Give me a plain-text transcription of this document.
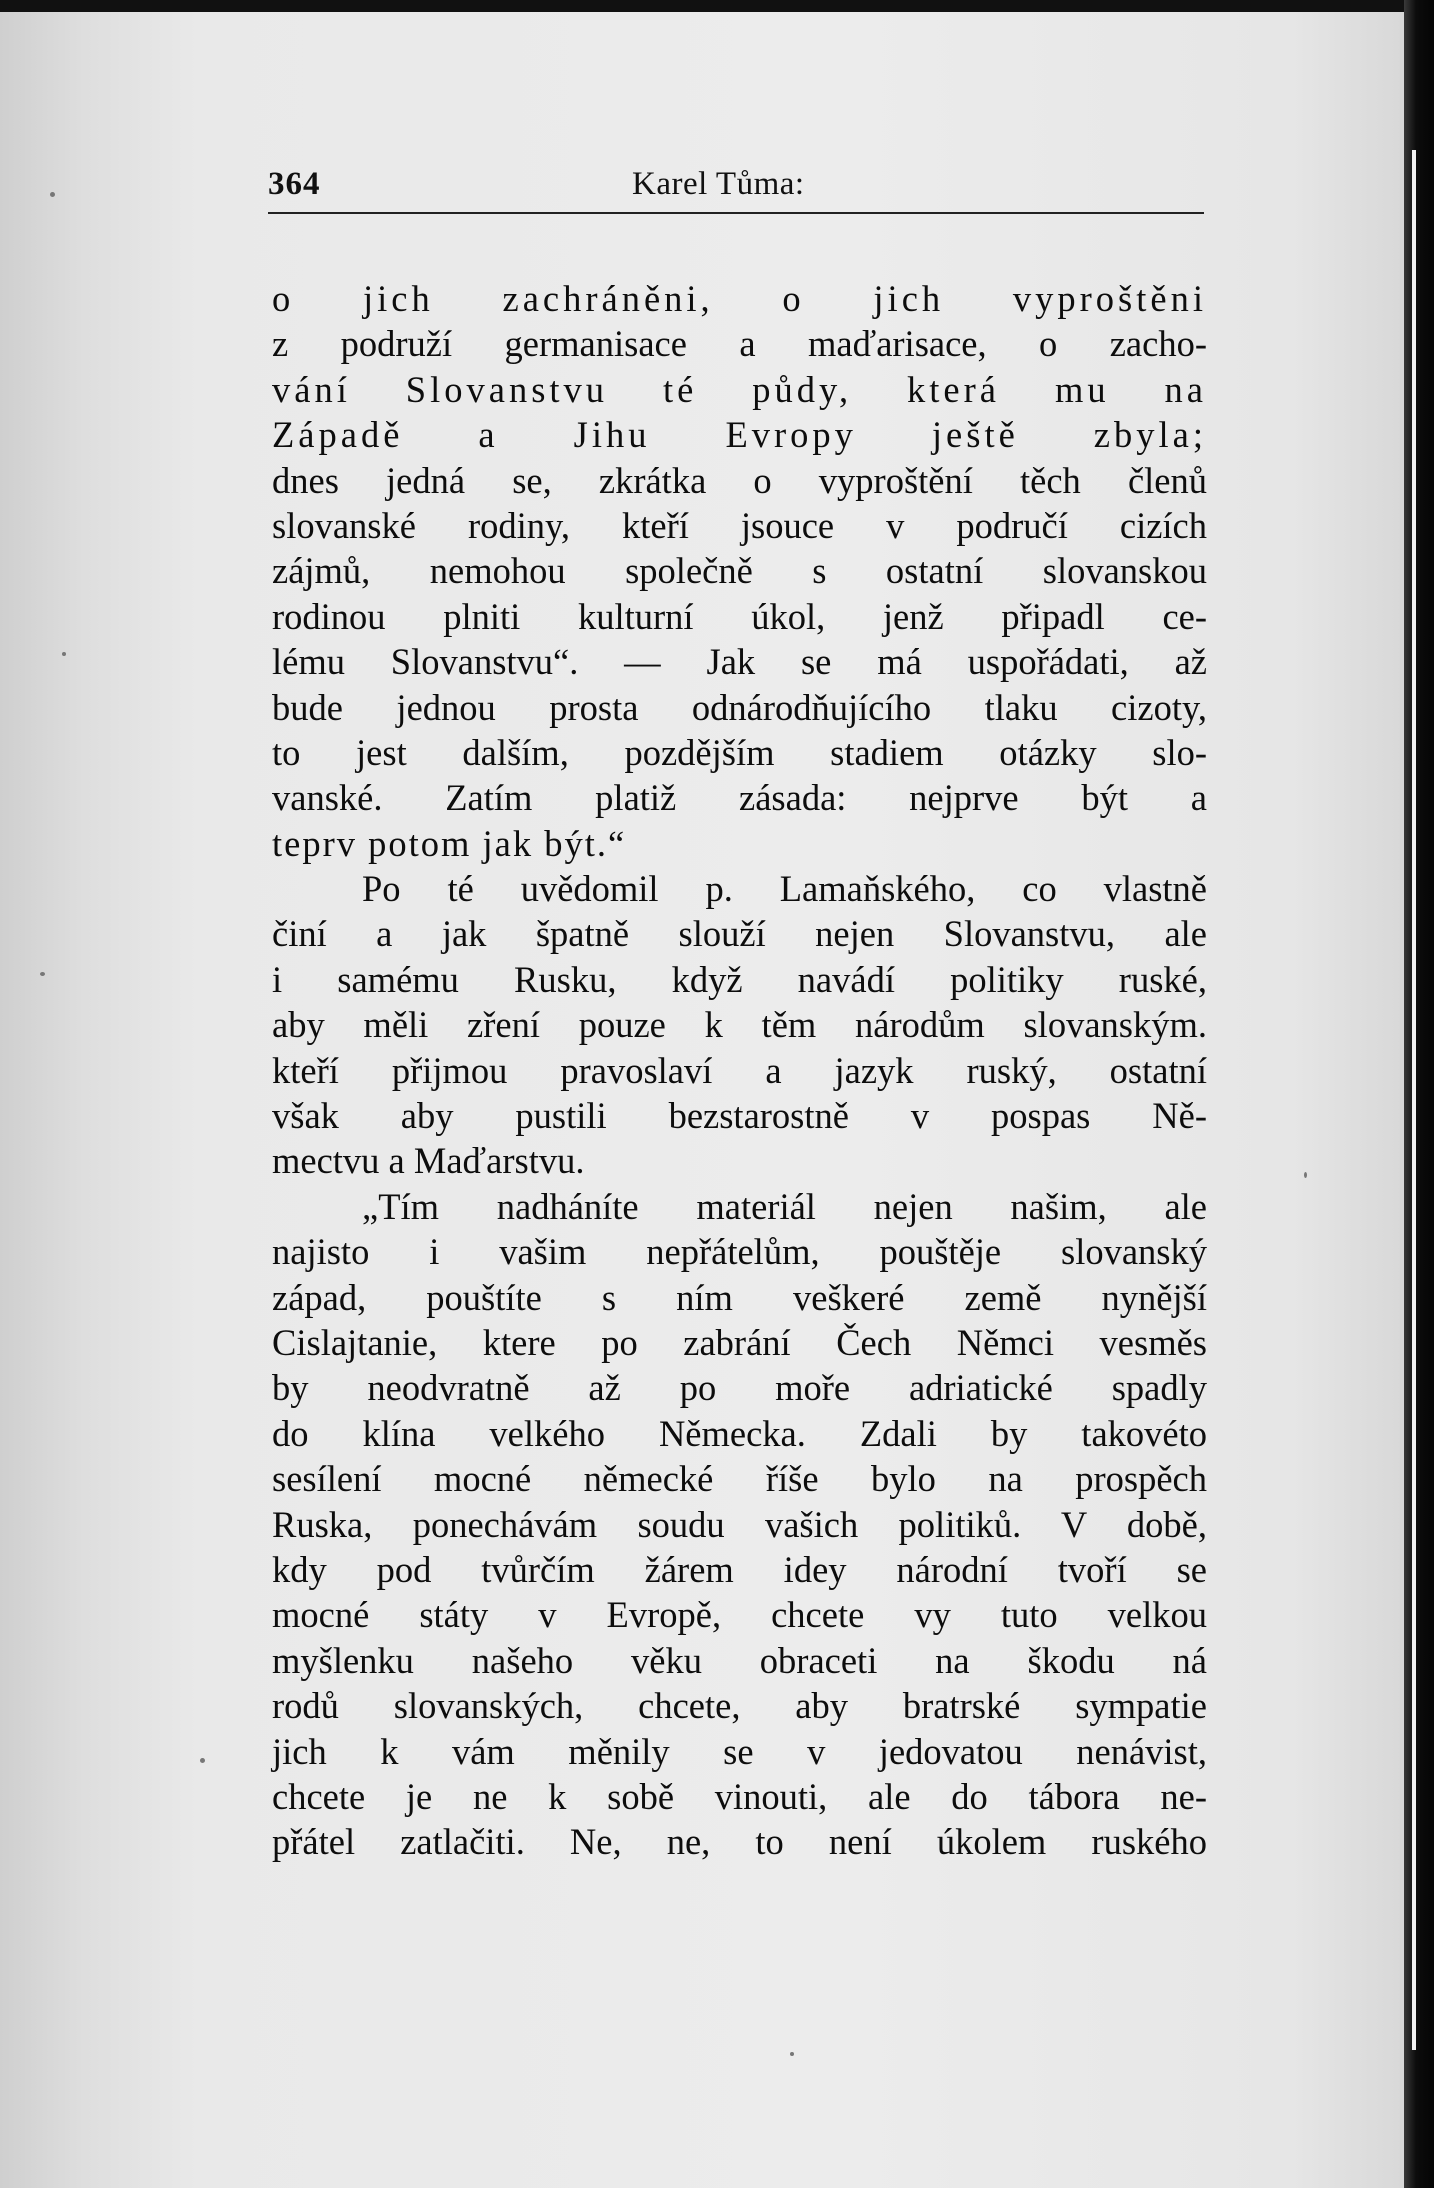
364	Karel Tůma:
o jich zachráněni, o jich vyproštěni
z podruží germanisace a maďarisace, o zacho-
vání Slovanstvu té půdy, která mu na
Západě a Jihu Evropy ještě zbyla;
dnes jedná se, zkrátka o vyproštění těch členů
slovanské rodiny, kteří jsouce v područí cizích
zájmů, nemohou společně s ostatní slovanskou
rodinou plniti kulturní úkol, jenž připadl ce-
lému Slovanstvu“. — Jak se má uspořádati, až
bude jednou prosta odnárodňujícího tlaku cizoty,
to jest dalším, pozdějším stadiem otázky slo-
vanské. Zatím platiž zásada: nejprve být a
teprv potom jak být.“
Po té uvědomil p. Lamaňského, co vlastně
činí a jak špatně slouží nejen Slovanstvu, ale
i samému Rusku, když navádí politiky ruské,
aby měli zření pouze k těm národům slovanským.
kteří přijmou pravoslaví a jazyk ruský, ostatní
však aby pustili bezstarostně v pospas Ně-
mectvu a Maďarstvu.
„Tím nadháníte materiál nejen našim, ale
najisto i vašim nepřátelům, pouštěje slovanský
západ, pouštíte s ním veškeré země nynější
Cislajtanie, ktere po zabrání Čech Němci vesměs
by neodvratně až po moře adriatické spadly
do klína velkého Německa. Zdali by takovéto
sesílení mocné německé říše bylo na prospěch
Ruska, ponechávám soudu vašich politiků. V době,
kdy pod tvůrčím žárem idey národní tvoří se
mocné státy v Evropě, chcete vy tuto velkou
myšlenku našeho věku obraceti na škodu ná
rodů slovanských, chcete, aby bratrské sympatie
jich k vám měnily se v jedovatou nenávist,
chcete je ne k sobě vinouti, ale do tábora ne-
přátel zatlačiti. Ne, ne, to není úkolem ruského
